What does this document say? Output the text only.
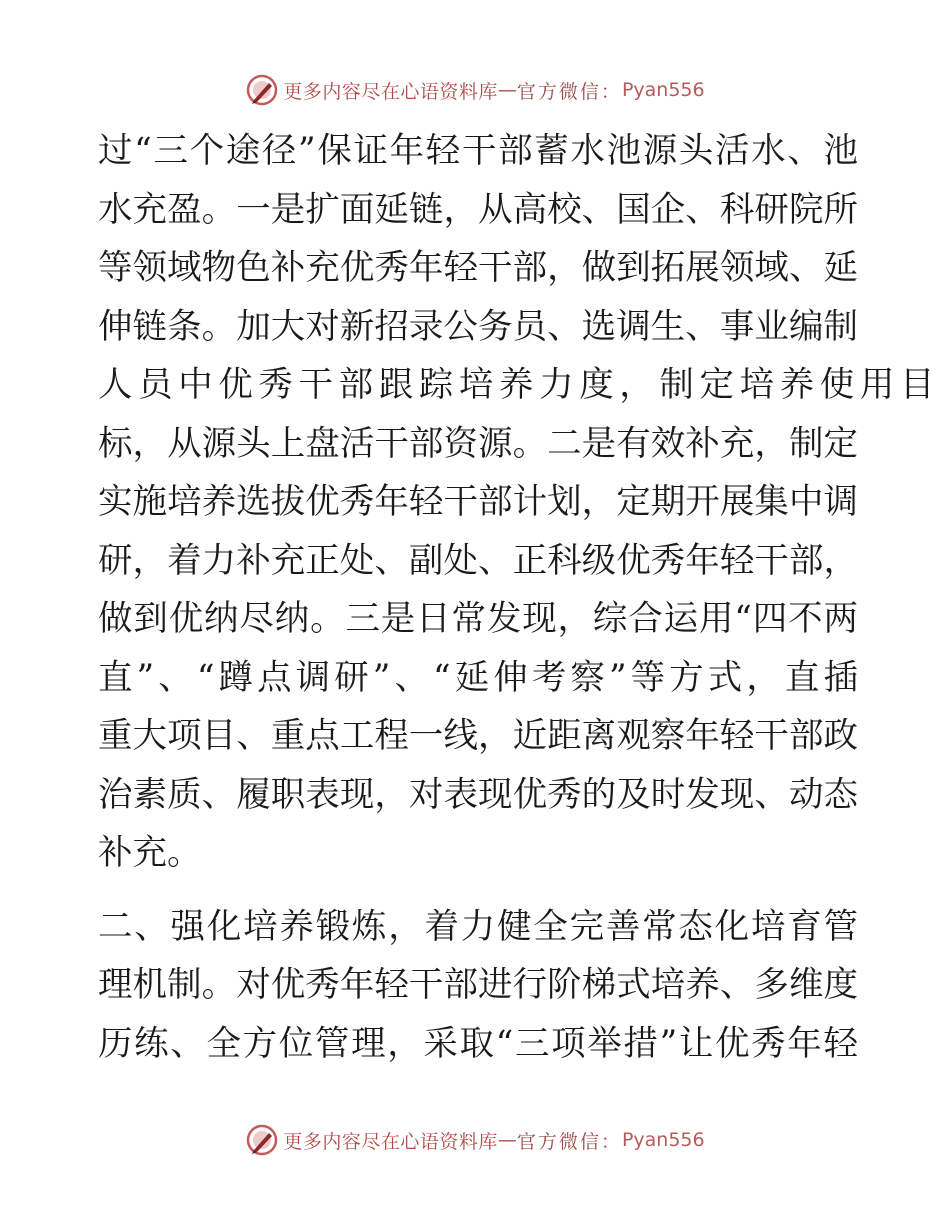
更多内容尽在心语资料库 — 官方微信： Pyan556
过“三个途径”保证年轻干部蓄水池源头活水、池
水充盈。一是扩面延链，从高校、国企、科研院所
等领域物色补充优秀年轻干部，做到拓展领域、延
伸链条。加大对新招录公务员、选调生、事业编制
人员中优秀干部跟踪培养力度，制定培养使用目
标，从源头上盘活干部资源。二是有效补充，制定
实施培养选拔优秀年轻干部计划，定期开展集中调
研，着力补充正处、副处、正科级优秀年轻干部，
做到优纳尽纳。三是日常发现，综合运用“四不两
直”、“蹲点调研”、“延伸考察”等方式，直插
重大项目、重点工程一线，近距离观察年轻干部政
治素质、履职表现，对表现优秀的及时发现、动态
补充。
二、强化培养锻炼，着力健全完善常态化培育管
理机制。对优秀年轻干部进行阶梯式培养、多维度
历练、全方位管理，采取“三项举措”让优秀年轻
更多内容尽在心语资料库 — 官方微信： Pyan556
